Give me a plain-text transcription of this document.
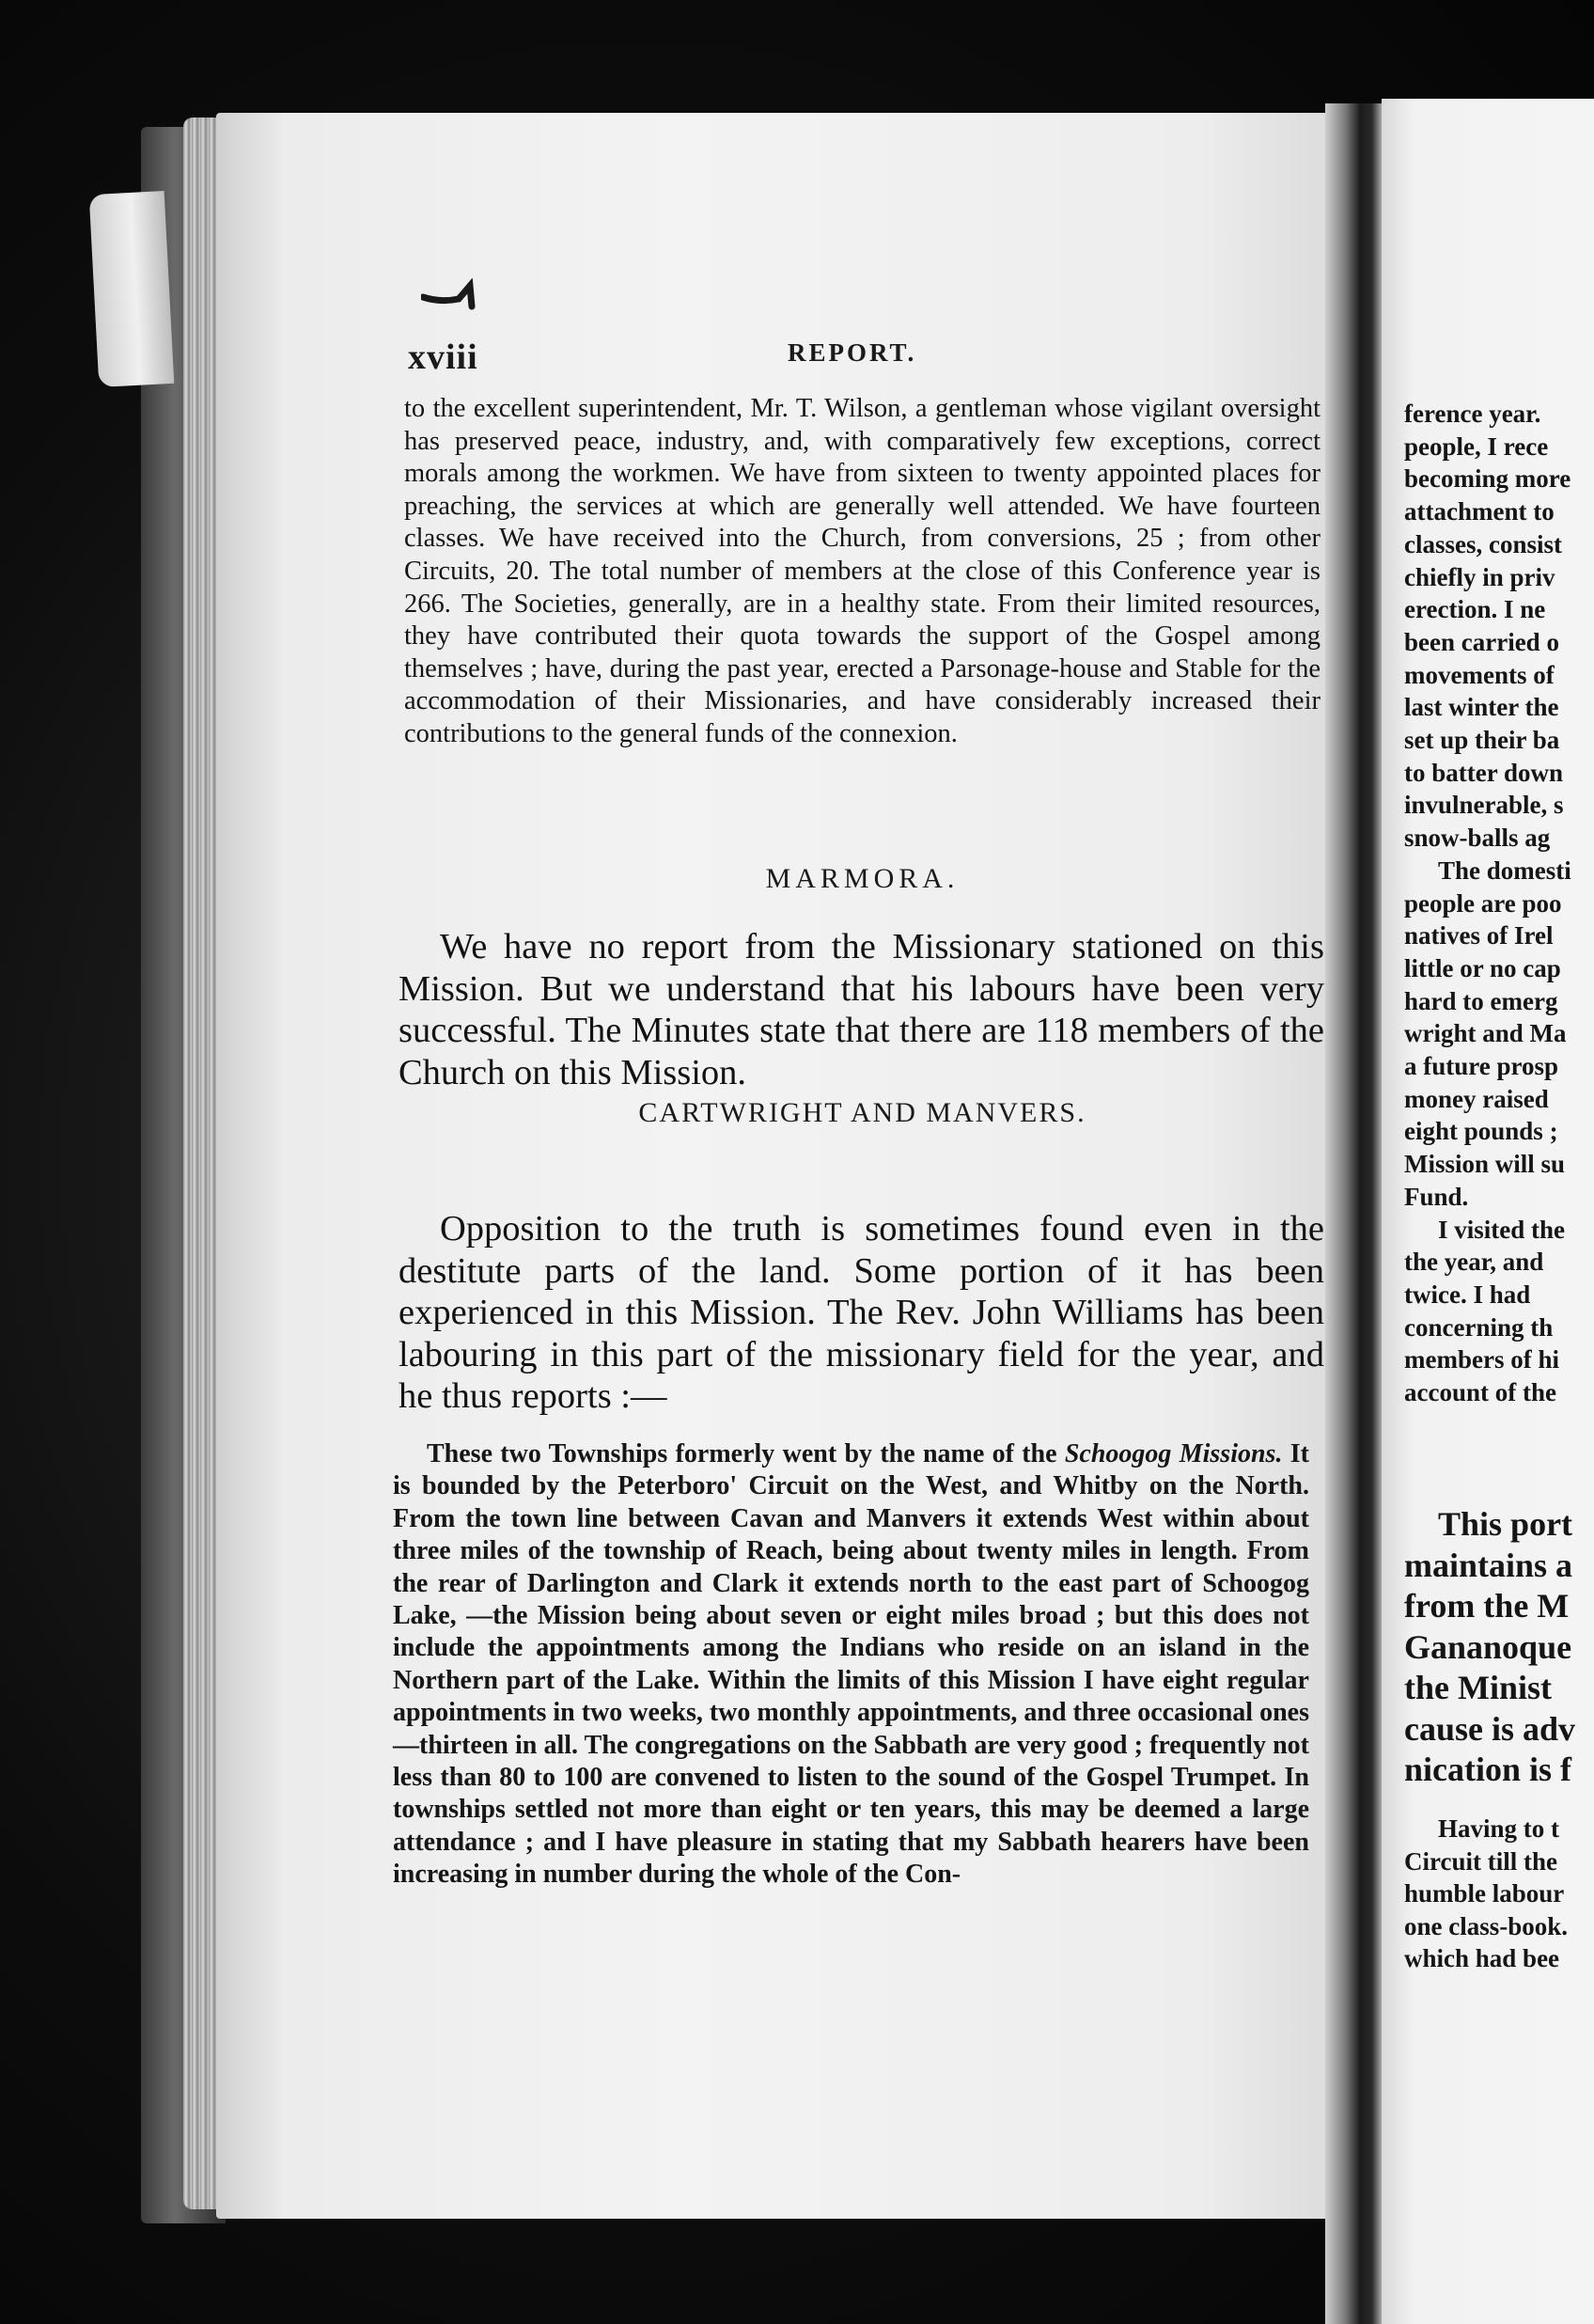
xviii	REPORT.
to the excellent superintendent, Mr. T. Wilson, a gentleman whose vigilant oversight has preserved peace, industry, and, with comparatively few exceptions, correct morals among the workmen. We have from sixteen to twenty appointed places for preaching, the services at which are generally well attended. We have fourteen classes. We have received into the Church, from conversions, 25 ; from other Circuits, 20. The total number of members at the close of this Conference year is 266. The Societies, generally, are in a healthy state. From their limited resources, they have contributed their quota towards the support of the Gospel among themselves ; have, during the past year, erected a Parsonage-house and Stable for the accommodation of their Missionaries, and have considerably increased their contributions to the general funds of the connexion.
MARMORA.
We have no report from the Missionary stationed on this Mission. But we understand that his labours have been very successful. The Minutes state that there are 118 members of the Church on this Mission.
CARTWRIGHT AND MANVERS.
Opposition to the truth is sometimes found even in the destitute parts of the land. Some portion of it has been experienced in this Mission. The Rev. John Williams has been labouring in this part of the missionary field for the year, and he thus reports :—
These two Townships formerly went by the name of the Schoogog Missions. It is bounded by the Peterboro' Circuit on the West, and Whitby on the North. From the town line between Cavan and Manvers it extends West within about three miles of the township of Reach, being about twenty miles in length. From the rear of Darlington and Clark it extends north to the east part of Schoogog Lake, —the Mission being about seven or eight miles broad ; but this does not include the appointments among the Indians who reside on an island in the Northern part of the Lake. Within the limits of this Mission I have eight regular appointments in two weeks, two monthly appointments, and three occasional ones—thirteen in all. The congregations on the Sabbath are very good ; frequently not less than 80 to 100 are convened to listen to the sound of the Gospel Trumpet. In townships settled not more than eight or ten years, this may be deemed a large attendance ; and I have pleasure in stating that my Sabbath hearers have been increasing in number during the whole of the Con-
ference year.
people, I rece
becoming more
attachment to
classes, consist
chiefly in priv
erection. I ne
been carried o
movements of
last winter the
set up their ba
to batter down
invulnerable, s
snow-balls ag
The domesti
people are poo
natives of Irel
little or no cap
hard to emerg
wright and Ma
a future prosp
money raised
eight pounds ;
Mission will su
Fund.
I visited the
the year, and
twice. I had
concerning th
members of hi
account of the
This port
maintains a
from the M
Gananoque
the Minist
cause is adv
nication is f
Having to t
Circuit till the
humble labour
one class-book.
which had bee
